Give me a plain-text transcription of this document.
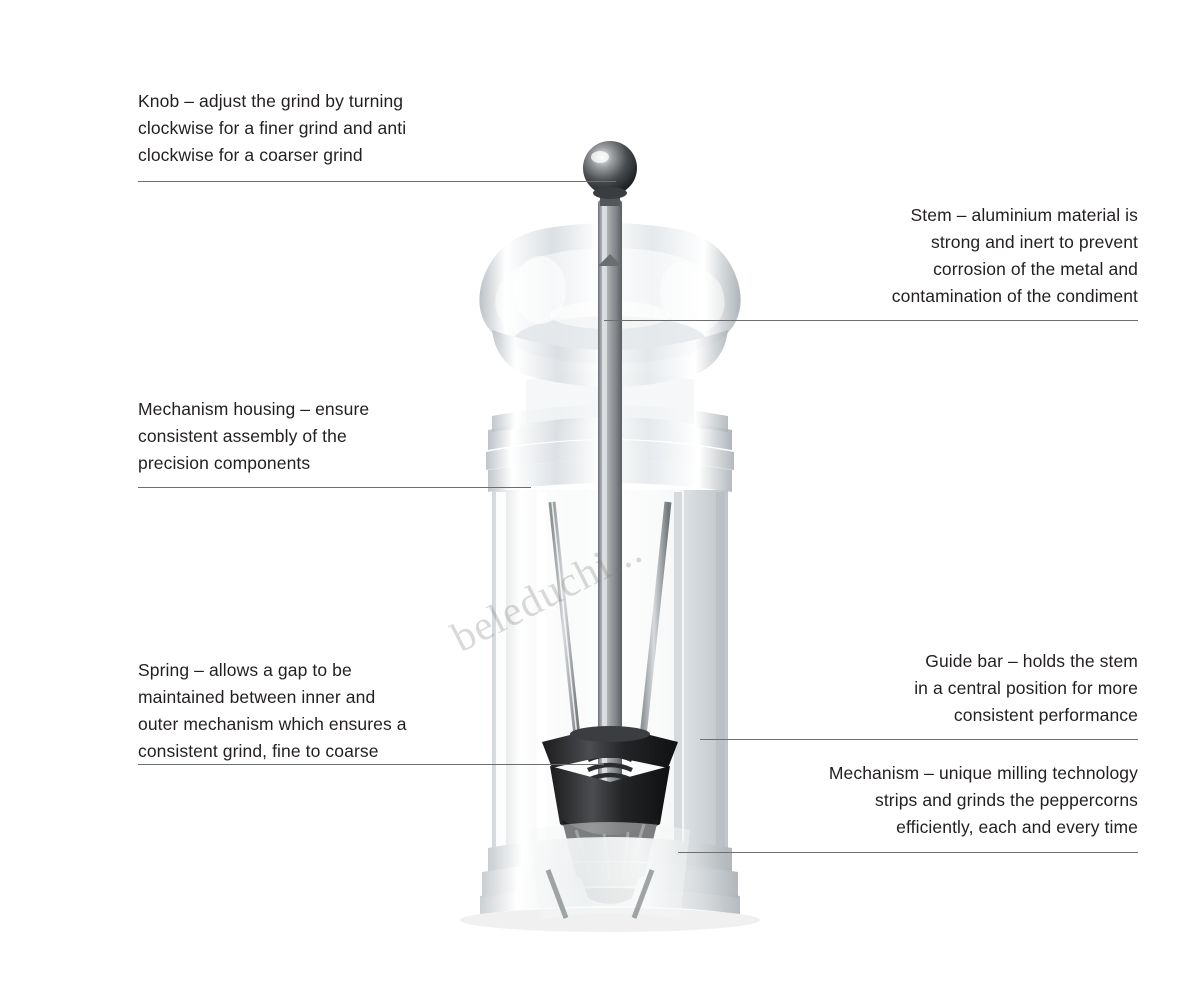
beleduchi...
Knob – adjust the grind by turning
clockwise for a finer grind and anti
clockwise for a coarser grind
Stem – aluminium material is
strong and inert to prevent
corrosion of the metal and
contamination of the condiment
Mechanism housing – ensure
consistent assembly of the
precision components
Spring – allows a gap to be
maintained between inner and
outer mechanism which ensures a
consistent grind, fine to coarse
Guide bar – holds the stem
in a central position for more
consistent performance
Mechanism – unique milling technology
strips and grinds the peppercorns
efficiently, each and every time
